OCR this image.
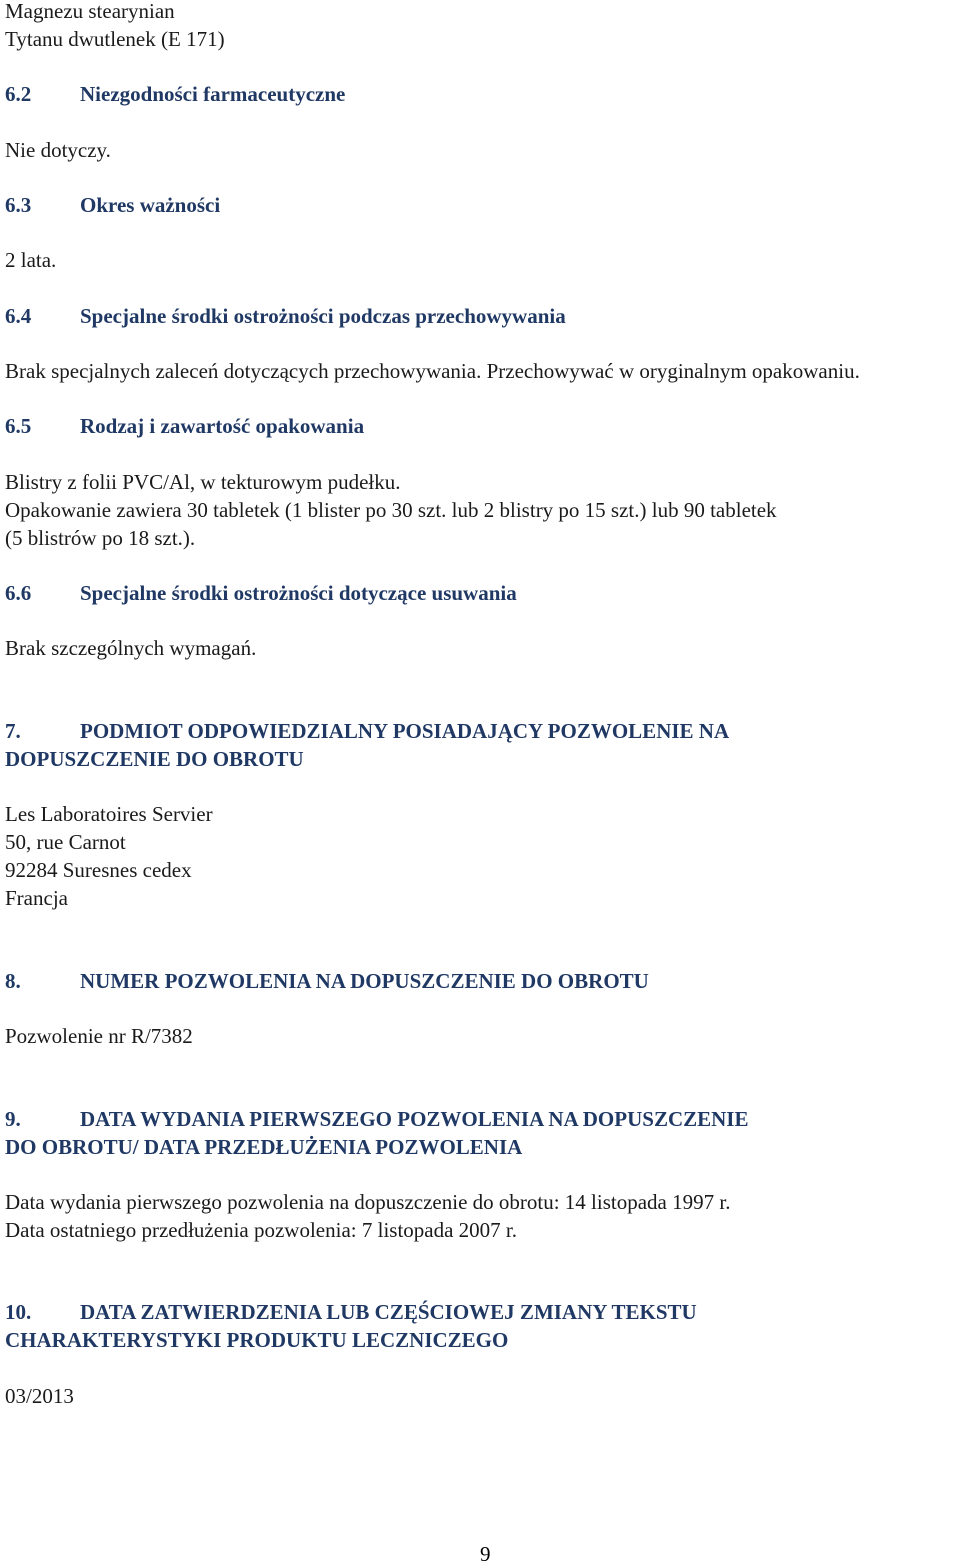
Magnezu stearynian
Tytanu dwutlenek (E 171)
6.2 Niezgodności farmaceutyczne
Nie dotyczy.
6.3 Okres ważności
2 lata.
6.4 Specjalne środki ostrożności podczas przechowywania
Brak specjalnych zaleceń dotyczących przechowywania. Przechowywać w oryginalnym opakowaniu.
6.5 Rodzaj i zawartość opakowania
Blistry z folii PVC/Al, w tekturowym pudełku.
Opakowanie zawiera 30 tabletek (1 blister po 30 szt. lub 2 blistry po 15 szt.) lub 90 tabletek
(5 blistrów po 18 szt.).
6.6 Specjalne środki ostrożności dotyczące usuwania
Brak szczególnych wymagań.
7.	PODMIOT ODPOWIEDZIALNY POSIADAJĄCY POZWOLENIE NA
DOPUSZCZENIE DO OBROTU
Les Laboratoires Servier
50, rue Carnot
92284 Suresnes cedex
Francja
8.	NUMER POZWOLENIA NA DOPUSZCZENIE DO OBROTU
Pozwolenie nr R/7382
9.	DATA WYDANIA PIERWSZEGO POZWOLENIA NA DOPUSZCZENIE
DO OBROTU/ DATA PRZEDŁUŻENIA POZWOLENIA
Data wydania pierwszego pozwolenia na dopuszczenie do obrotu: 14 listopada 1997 r.
Data ostatniego przedłużenia pozwolenia: 7 listopada 2007 r.
10. DATA ZATWIERDZENIA LUB CZĘŚCIOWEJ ZMIANY TEKSTU
CHARAKTERYSTYKI PRODUKTU LECZNICZEGO
03/2013
9
